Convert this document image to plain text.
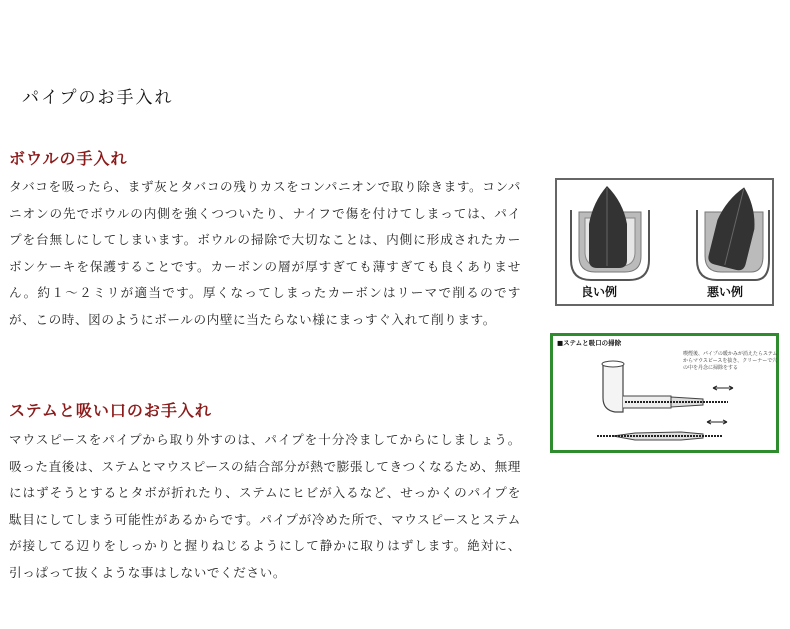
パイプのお手入れ
ボウルの手入れ
タバコを吸ったら、まず灰とタバコの残りカスをコンパニオンで取り除きます。コンパニオンの先でボウルの内側を強くつついたり、ナイフで傷を付けてしまっては、パイプを台無しにしてしまいます。ボウルの掃除で大切なことは、内側に形成されたカーボンケーキを保護することです。カーボンの層が厚すぎても薄すぎても良くありません。約１～２ミリが適当です。厚くなってしまったカーボンはリーマで削るのですが、この時、図のようにボールの内壁に当たらない様にまっすぐ入れて削ります。
ステムと吸い口のお手入れ
マウスピースをパイプから取り外すのは、パイプを十分冷ましてからにしましょう。吸った直後は、ステムとマウスピースの結合部分が熱で膨張してきつくなるため、無理にはずそうとするとタボが折れたり、ステムにヒビが入るなど、せっかくのパイプを駄目にしてしまう可能性があるからです。パイプが冷めた所で、マウスピースとステムが接してる辺りをしっかりと握りねじるようにして静かに取りはずします。絶対に、引っぱって抜くような事はしないでください。
良い例	悪い例
■ステムと吸口の掃除
喫煙後、パイプの暖かみが消えたらステムからマウスピースを抜き、クリーナーで穴の中を丹念に掃除をする
